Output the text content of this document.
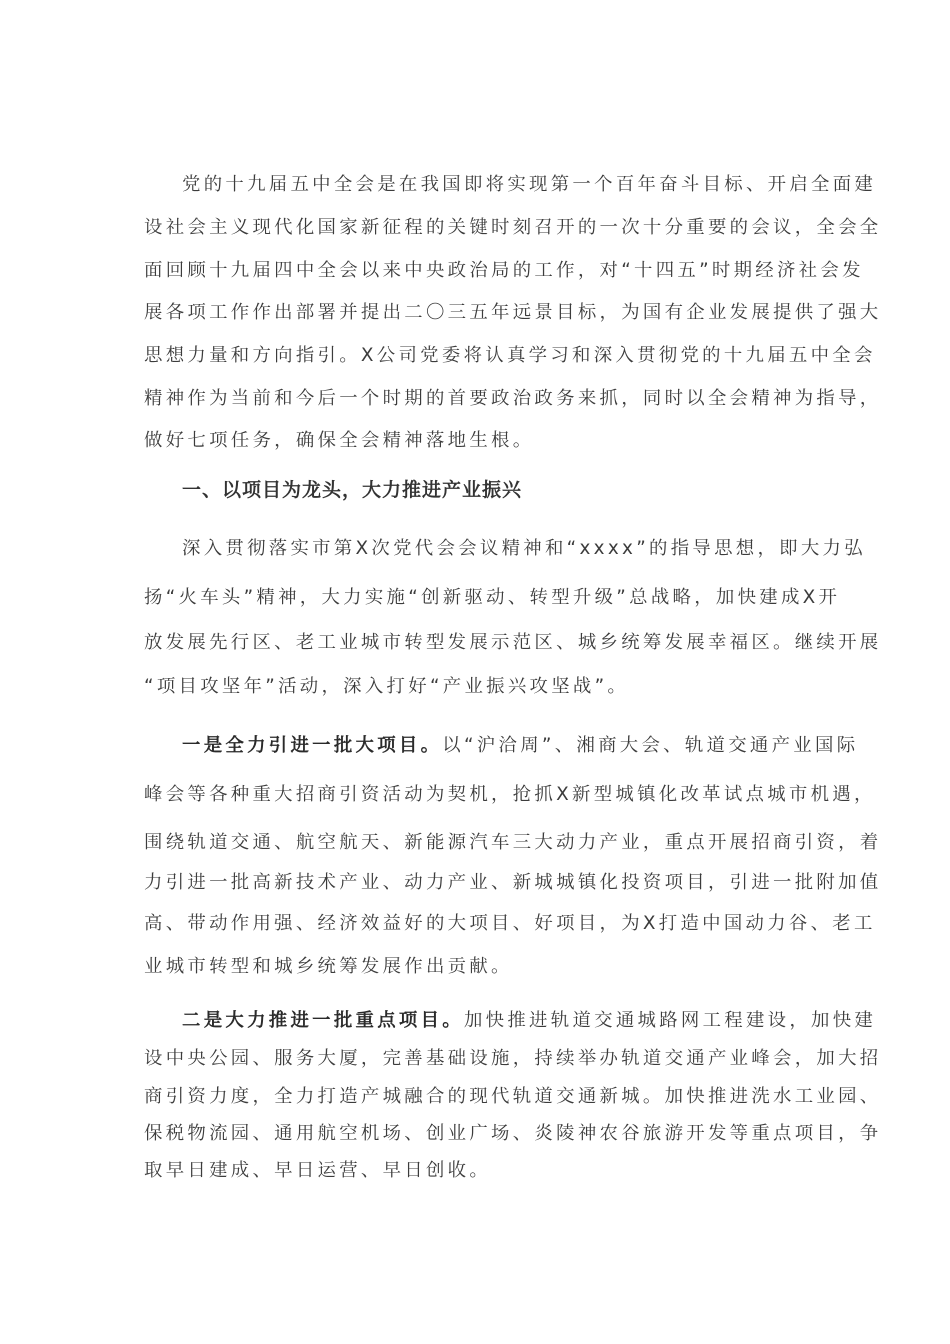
党的十九届五中全会是在我国即将实现第一个百年奋斗目标、开启全面建
设社会主义现代化国家新征程的关键时刻召开的一次十分重要的会议，全会全
面回顾十九届四中全会以来中央政治局的工作，对“十四五”时期经济社会发
展各项工作作出部署并提出二〇三五年远景目标，为国有企业发展提供了强大
思想力量和方向指引。X公司党委将认真学习和深入贯彻党的十九届五中全会
精神作为当前和今后一个时期的首要政治政务来抓，同时以全会精神为指导，
做好七项任务，确保全会精神落地生根。
一、以项目为龙头，大力推进产业振兴
深入贯彻落实市第X次党代会会议精神和“xxxx”的指导思想，即大力弘
扬“火车头”精神，大力实施“创新驱动、转型升级”总战略，加快建成X开
放发展先行区、老工业城市转型发展示范区、城乡统筹发展幸福区。继续开展
“项目攻坚年”活动，深入打好“产业振兴攻坚战”。
一是全力引进一批大项目。以“沪洽周”、湘商大会、轨道交通产业国际
峰会等各种重大招商引资活动为契机，抢抓X新型城镇化改革试点城市机遇，
围绕轨道交通、航空航天、新能源汽车三大动力产业，重点开展招商引资，着
力引进一批高新技术产业、动力产业、新城城镇化投资项目，引进一批附加值
高、带动作用强、经济效益好的大项目、好项目，为X打造中国动力谷、老工
业城市转型和城乡统筹发展作出贡献。
二是大力推进一批重点项目。加快推进轨道交通城路网工程建设，加快建
设中央公园、服务大厦，完善基础设施，持续举办轨道交通产业峰会，加大招
商引资力度，全力打造产城融合的现代轨道交通新城。加快推进洗水工业园、
保税物流园、通用航空机场、创业广场、炎陵神农谷旅游开发等重点项目，争
取早日建成、早日运营、早日创收。
